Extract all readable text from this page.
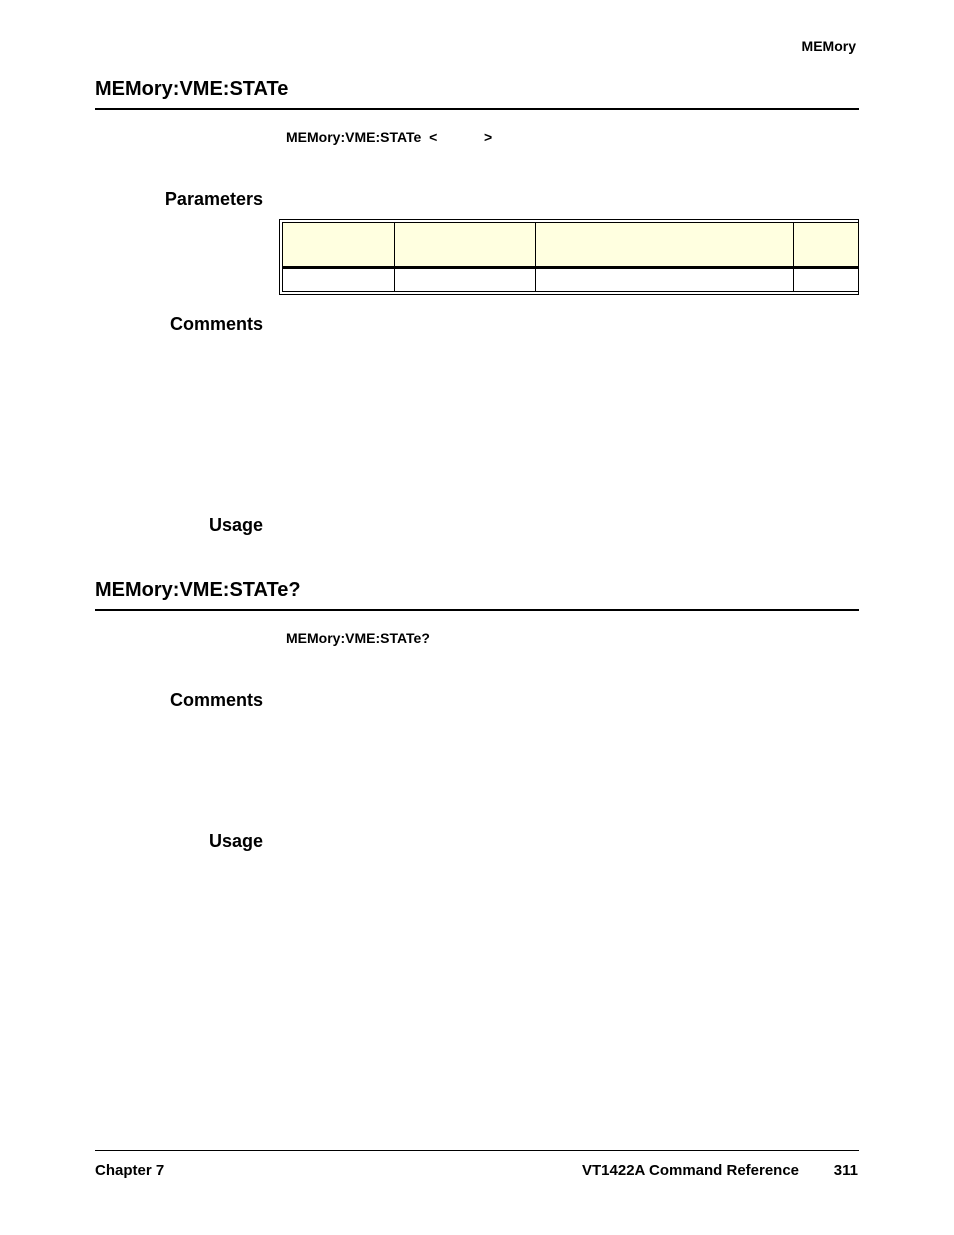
MEMory
MEMory:VME:STATe
MEMory:VME:STATe  <            >
Parameters

Comments
Usage
MEMory:VME:STATe?
MEMory:VME:STATe?
Comments
Usage
Chapter 7	VT1422A Command Reference 311
